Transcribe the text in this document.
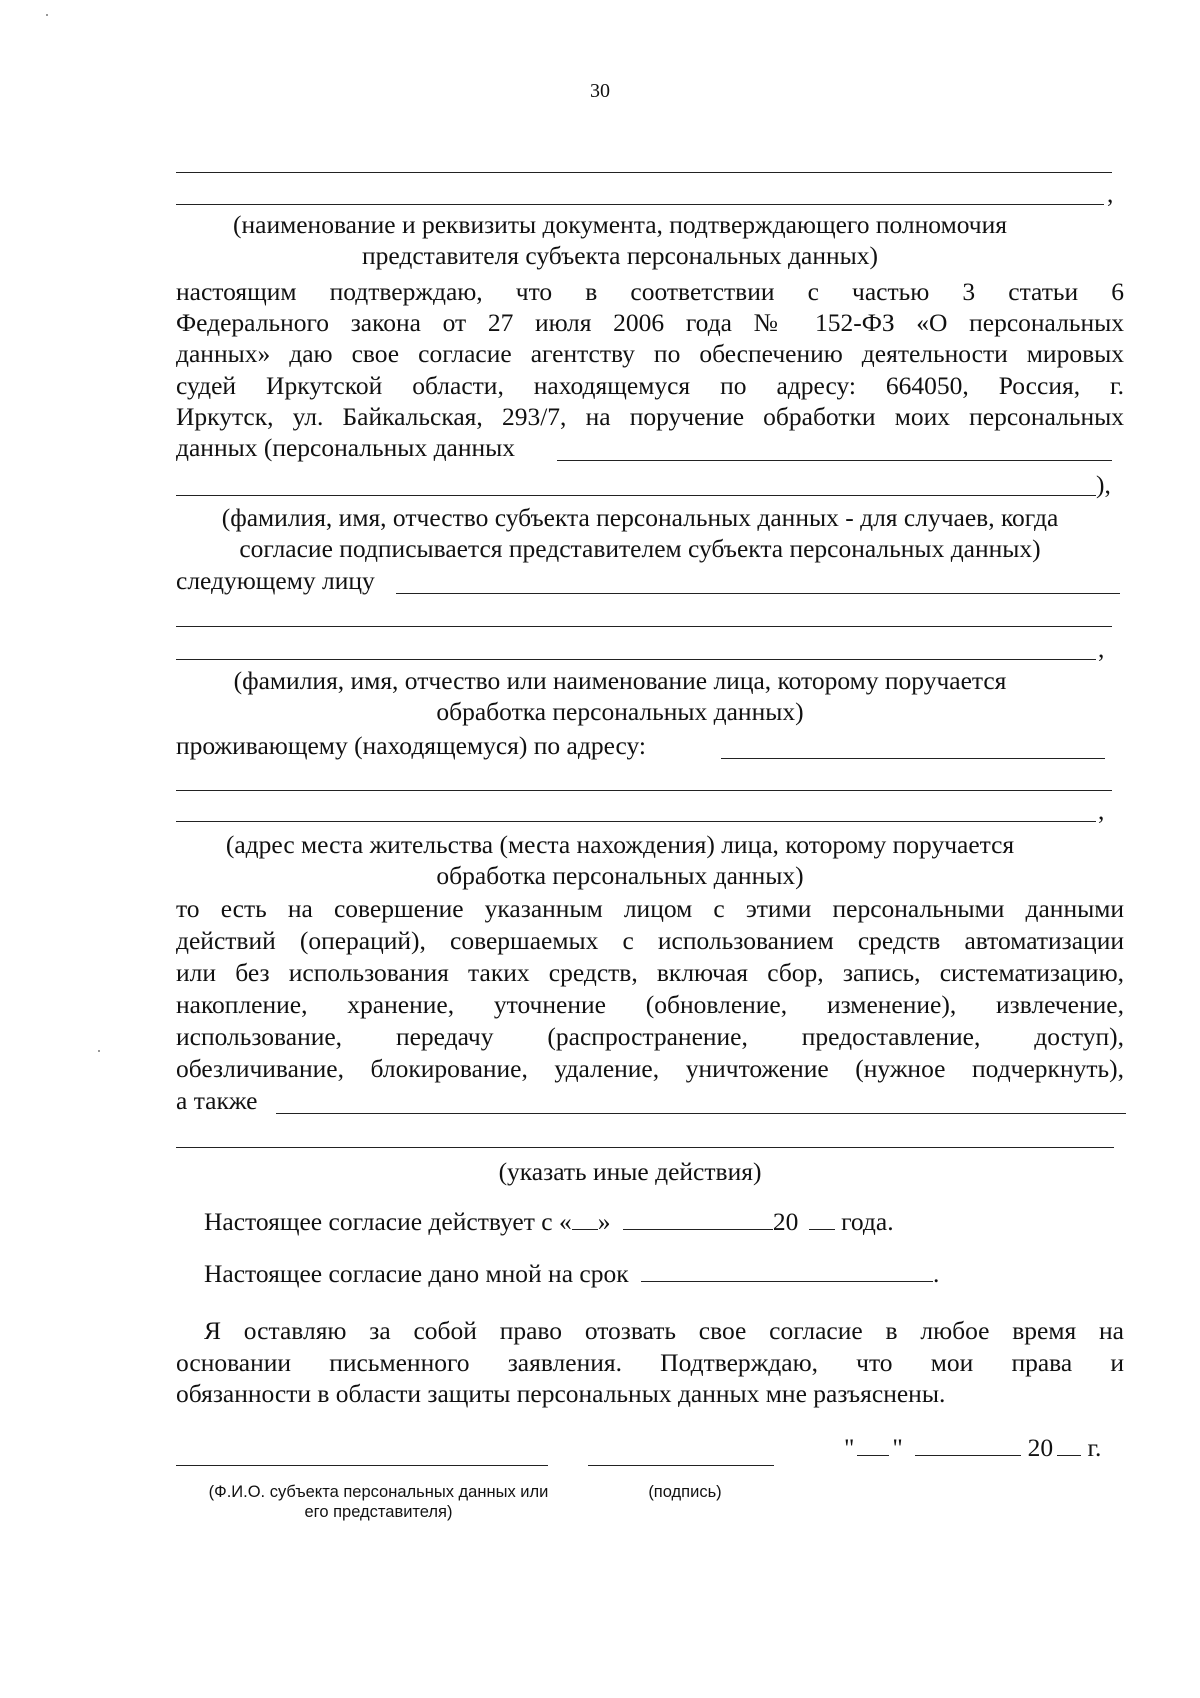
30
,
(наименование и реквизиты документа, подтверждающего полномочия
представителя субъекта персональных данных)
настоящим подтверждаю, что в соответствии с частью 3 статьи 6
Федерального закона от 27 июля 2006 года № 152-ФЗ «О персональных
данных» даю свое согласие агентству по обеспечению деятельности мировых
судей Иркутской области, находящемуся по адресу: 664050, Россия, г.
Иркутск, ул. Байкальская, 293/7, на поручение обработки моих персональных
данных (персональных данных
),
(фамилия, имя, отчество субъекта персональных данных - для случаев, когда
согласие подписывается представителем субъекта персональных данных)
следующему лицу
,
(фамилия, имя, отчество или наименование лица, которому поручается
обработка персональных данных)
проживающему (находящемуся) по адресу:
,
(адрес места жительства (места нахождения) лица, которому поручается
обработка персональных данных)
то есть на совершение указанным лицом с этими персональными данными
действий (операций), совершаемых с использованием средств автоматизации
или без использования таких средств, включая сбор, запись, систематизацию,
накопление, хранение, уточнение (обновление, изменение), извлечение,
использование, передачу (распространение, предоставление, доступ),
обезличивание, блокирование, удаление, уничтожение (нужное подчеркнуть),
а также
(указать иные действия)
Настоящее согласие действует с « »	20 года.
Настоящее согласие дано мной на срок	.
Я оставляю за собой право отозвать свое согласие в любое время на
основании письменного заявления. Подтверждаю, что мои права и
обязанности в области защиты персональных данных мне разъяснены.
" "	20 г.
(Ф.И.О. субъекта персональных данных или
его представителя)
(подпись)
